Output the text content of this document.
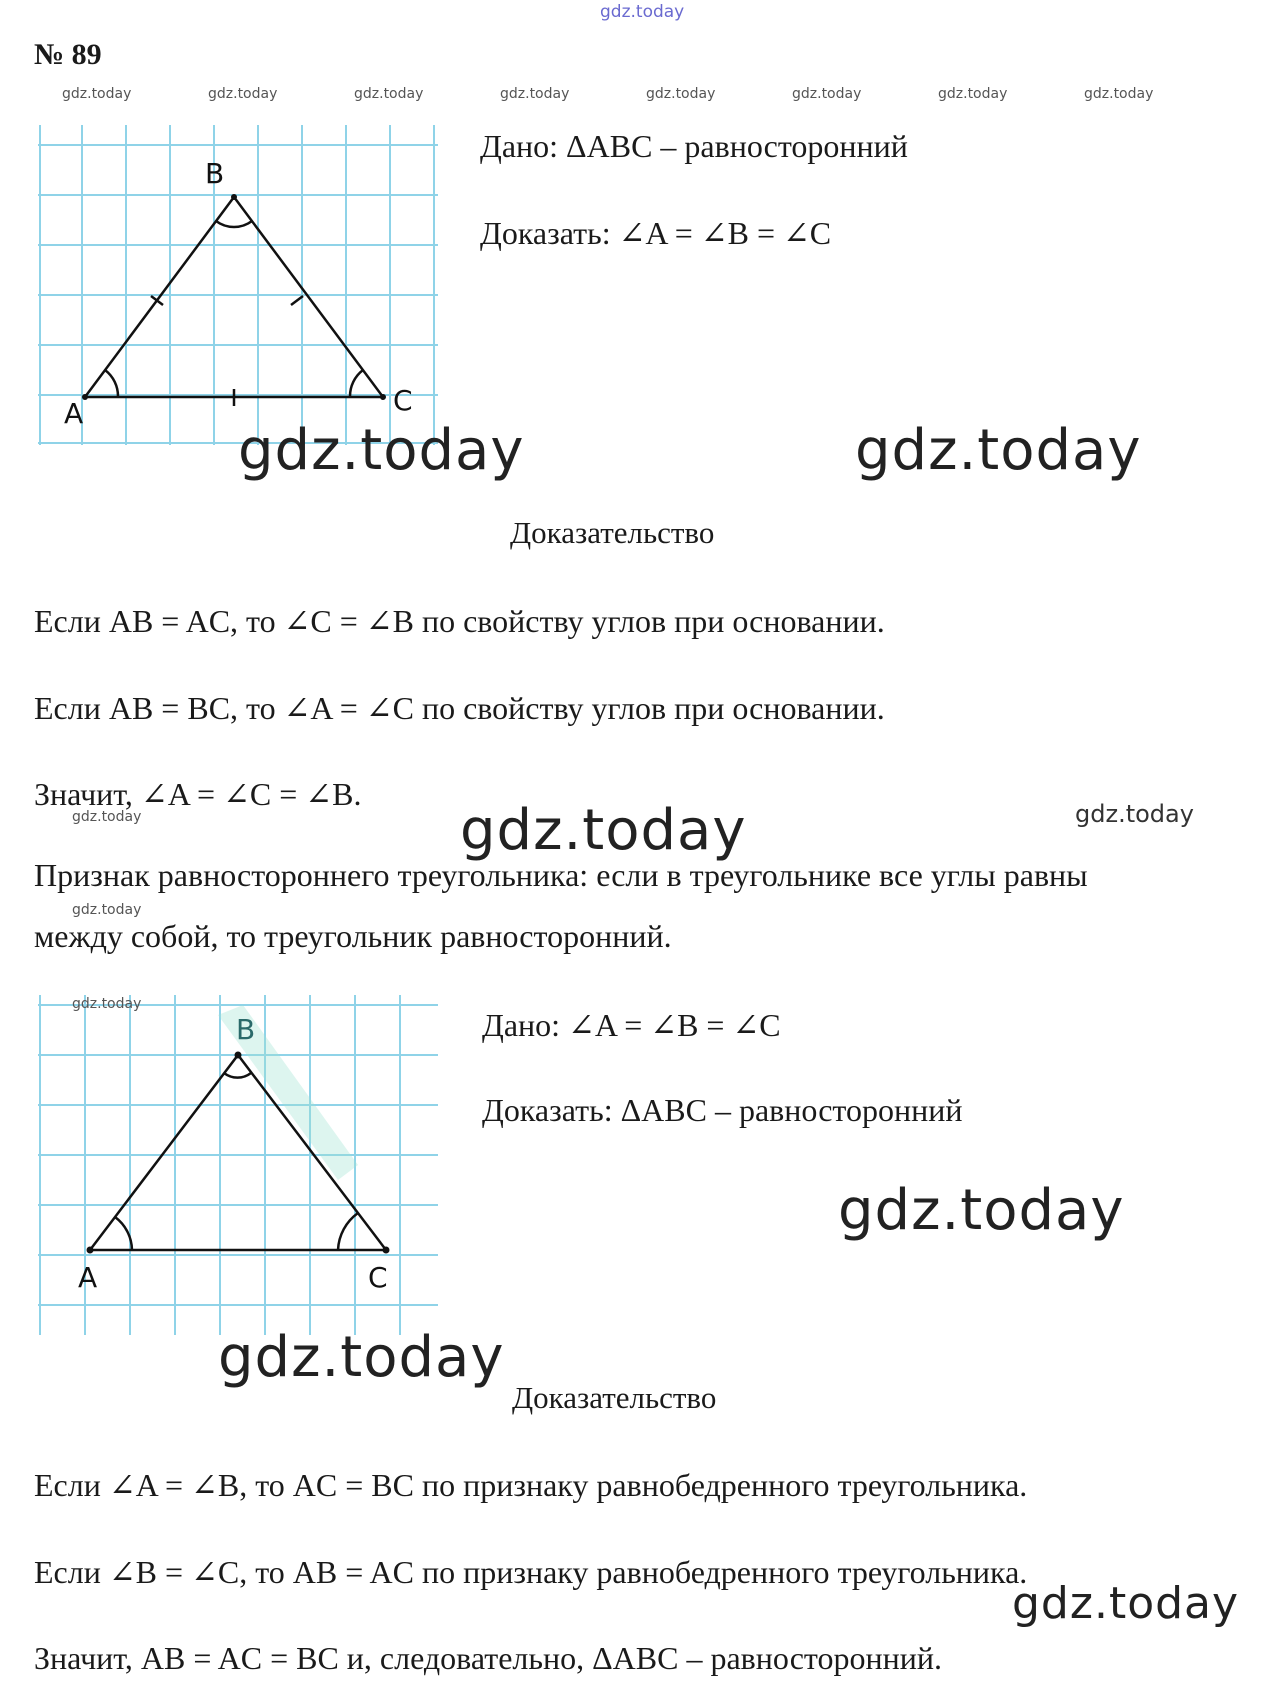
gdz.today
№ 89
gdz.today	gdz.today	gdz.today	gdz.today	gdz.today	gdz.today	gdz.today	gdz.today
A
B
C
Дано: ΔABC – равносторонний
Доказать: ∠A = ∠B = ∠C
gdz.today	gdz.today
Доказательство
Если AB = AC, то ∠C = ∠B по свойству углов при основании.
Если AB = BC, то ∠A = ∠C по свойству углов при основании.
Значит, ∠A = ∠C = ∠B.
gdz.today	gdz.today	gdz.today
Признак равностороннего треугольника: если в треугольнике все углы равны
gdz.today
между собой, то треугольник равносторонний.
A
B
C
gdz.today
Дано: ∠A = ∠B = ∠C
Доказать: ΔABC – равносторонний
gdz.today
gdz.today
Доказательство
Если ∠A = ∠B, то AC = BC по признаку равнобедренного треугольника.
Если ∠B = ∠C, то AB = AC по признаку равнобедренного треугольника.
gdz.today
Значит, AB = AC = BC и, следовательно, ΔABC – равносторонний.
